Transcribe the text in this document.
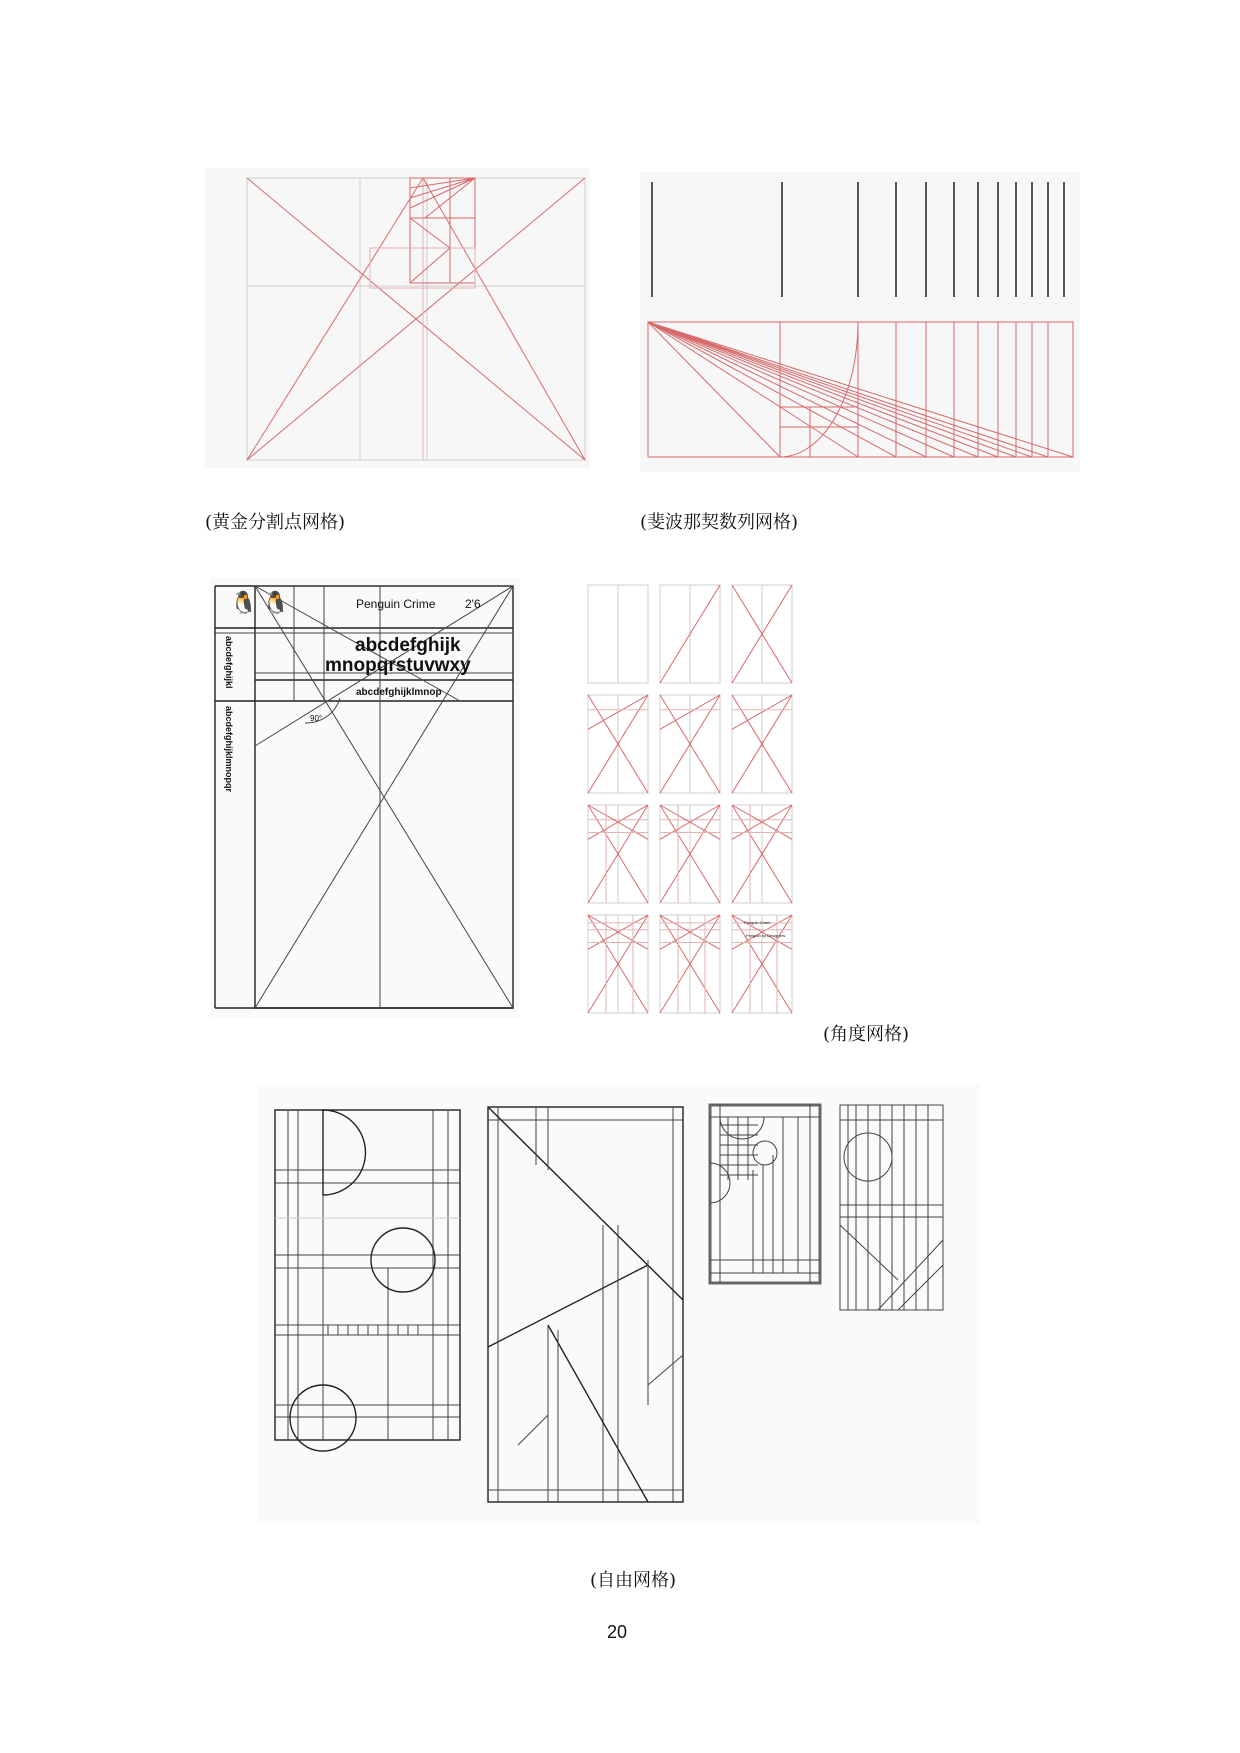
(黄金分割点网格)	(斐波那契数列网格)
🐧 🐧	Penguin Crime 2'6
abcdefghijk
mnopqrstuvwxy
abcdefghijklmnop
90°
abcdefghijkl
abcdefghijklmnopqr
Penguin Crime
Penguin by Designers
(角度网格)
(自由网格)
20
